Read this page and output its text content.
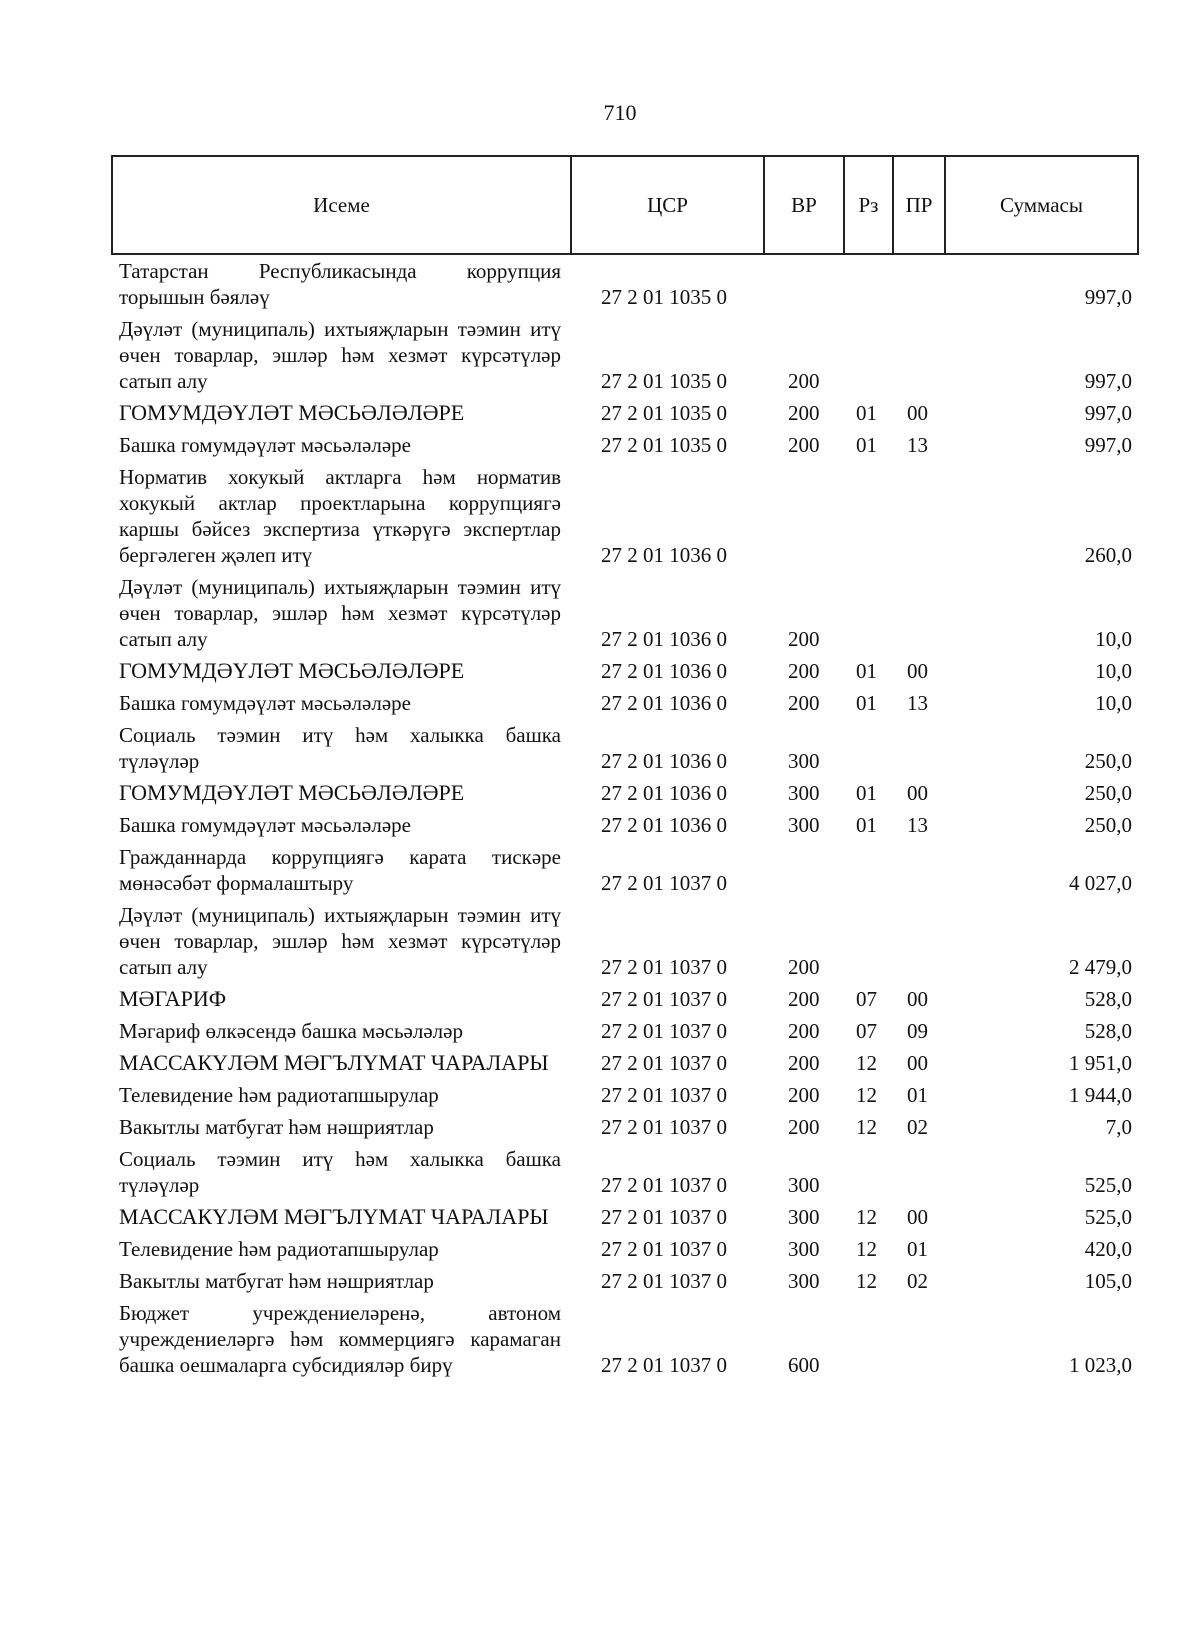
710
Исеме	ЦСР	ВР	Рз	ПР	Суммасы
Татарстан Республикасында коррупция торышын бәяләү	27 2 01 1035 0				997,0
Дәүләт (муниципаль) ихтыяҗларын тәэмин итү өчен товарлар, эшләр һәм хезмәт күрсәтүләр сатып алу	27 2 01 1035 0	200			997,0
ГОМУМДӘҮЛӘТ МӘСЬӘЛӘЛӘРЕ	27 2 01 1035 0	200	01	00	997,0
Башка гомумдәүләт мәсьәләләре	27 2 01 1035 0	200	01	13	997,0
Норматив хокукый актларга һәм норматив хокукый актлар проектларына коррупциягә каршы бәйсез экспертиза үткәрүгә экспертлар бергәлеген җәлеп итү	27 2 01 1036 0				260,0
Дәүләт (муниципаль) ихтыяҗларын тәэмин итү өчен товарлар, эшләр һәм хезмәт күрсәтүләр сатып алу	27 2 01 1036 0	200			10,0
ГОМУМДӘҮЛӘТ МӘСЬӘЛӘЛӘРЕ	27 2 01 1036 0	200	01	00	10,0
Башка гомумдәүләт мәсьәләләре	27 2 01 1036 0	200	01	13	10,0
Социаль тәэмин итү һәм халыкка башка түләүләр	27 2 01 1036 0	300			250,0
ГОМУМДӘҮЛӘТ МӘСЬӘЛӘЛӘРЕ	27 2 01 1036 0	300	01	00	250,0
Башка гомумдәүләт мәсьәләләре	27 2 01 1036 0	300	01	13	250,0
Гражданнарда коррупциягә карата тискәре мөнәсәбәт формалаштыру	27 2 01 1037 0				4 027,0
Дәүләт (муниципаль) ихтыяҗларын тәэмин итү өчен товарлар, эшләр һәм хезмәт күрсәтүләр сатып алу	27 2 01 1037 0	200			2 479,0
МӘГАРИФ	27 2 01 1037 0	200	07	00	528,0
Мәгариф өлкәсендә башка мәсьәләләр	27 2 01 1037 0	200	07	09	528,0
МАССАКҮЛӘМ МӘГЪЛҮМАТ ЧАРАЛАРЫ	27 2 01 1037 0	200	12	00	1 951,0
Телевидение һәм радиотапшырулар	27 2 01 1037 0	200	12	01	1 944,0
Вакытлы матбугат һәм нәшриятлар	27 2 01 1037 0	200	12	02	7,0
Социаль тәэмин итү һәм халыкка башка түләүләр	27 2 01 1037 0	300			525,0
МАССАКҮЛӘМ МӘГЪЛҮМАТ ЧАРАЛАРЫ	27 2 01 1037 0	300	12	00	525,0
Телевидение һәм радиотапшырулар	27 2 01 1037 0	300	12	01	420,0
Вакытлы матбугат һәм нәшриятлар	27 2 01 1037 0	300	12	02	105,0
Бюджет учреждениеләренә, автоном учреждениеләргә һәм коммерциягә карамаган башка оешмаларга субсидияләр бирү	27 2 01 1037 0	600			1 023,0
